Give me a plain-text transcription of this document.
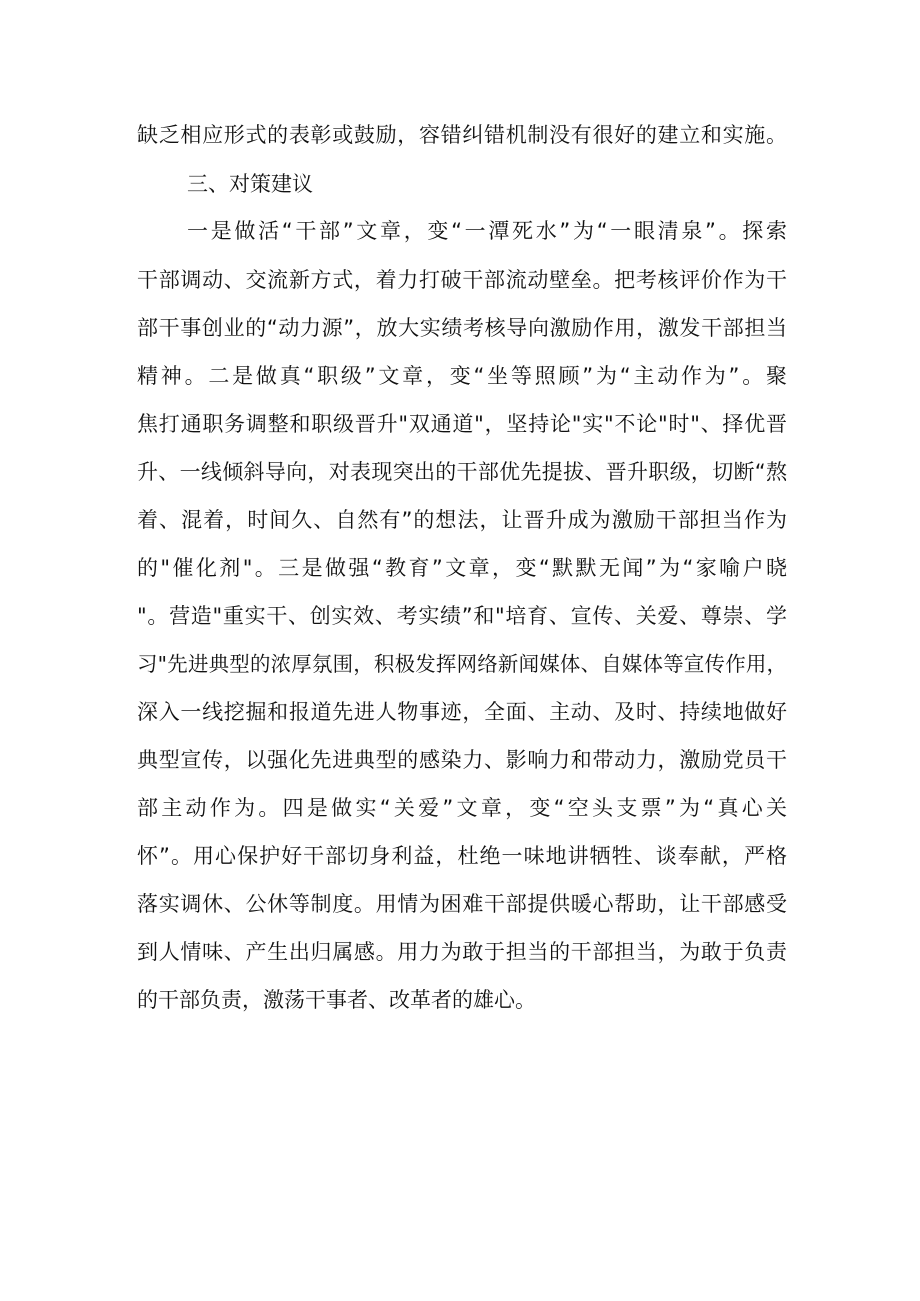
缺乏相应形式的表彰或鼓励，容错纠错机制没有很好的建立和实施。
三、对策建议
一是做活“干部”文章，变“一潭死水”为“一眼清泉”。探索
干部调动、交流新方式，着力打破干部流动壁垒。把考核评价作为干
部干事创业的“动力源”，放大实绩考核导向激励作用，激发干部担当
精神。二是做真“职级”文章，变“坐等照顾”为“主动作为”。聚
焦打通职务调整和职级晋升"双通道"，坚持论"实"不论"时"、择优晋
升、一线倾斜导向，对表现突出的干部优先提拔、晋升职级，切断“熬
着、混着，时间久、自然有”的想法，让晋升成为激励干部担当作为
的"催化剂"。三是做强“教育”文章，变“默默无闻”为“家喻户晓
"。营造"重实干、创实效、考实绩”和"培育、宣传、关爱、尊崇、学
习"先进典型的浓厚氛围，积极发挥网络新闻媒体、自媒体等宣传作用，
深入一线挖掘和报道先进人物事迹，全面、主动、及时、持续地做好
典型宣传，以强化先进典型的感染力、影响力和带动力，激励党员干
部主动作为。四是做实“关爱”文章，变“空头支票”为“真心关
怀”。用心保护好干部切身利益，杜绝一味地讲牺牲、谈奉献，严格
落实调休、公休等制度。用情为困难干部提供暖心帮助，让干部感受
到人情味、产生出归属感。用力为敢于担当的干部担当，为敢于负责
的干部负责，激荡干事者、改革者的雄心。
